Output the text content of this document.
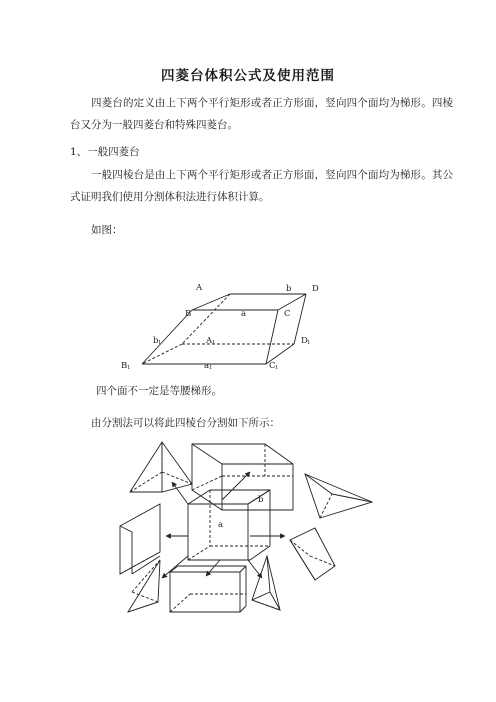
四菱台体积公式及使用范围

四菱台的定义由上下两个平行矩形或者正方形面，竖向四个面均为梯形。四棱台又分为一般四菱台和特殊四菱台。

1、一般四菱台

一般四棱台是由上下两个平行矩形或者正方形面，竖向四个面均为梯形。其公式证明我们使用分割体积法进行体积计算。

如图：
A	b D
B	a	C
b 1	A 1	D 1
B 1	a 1	C 1
四个面不一定是等腰梯形。
由分割法可以将此四棱台分割如下所示：
b
a
